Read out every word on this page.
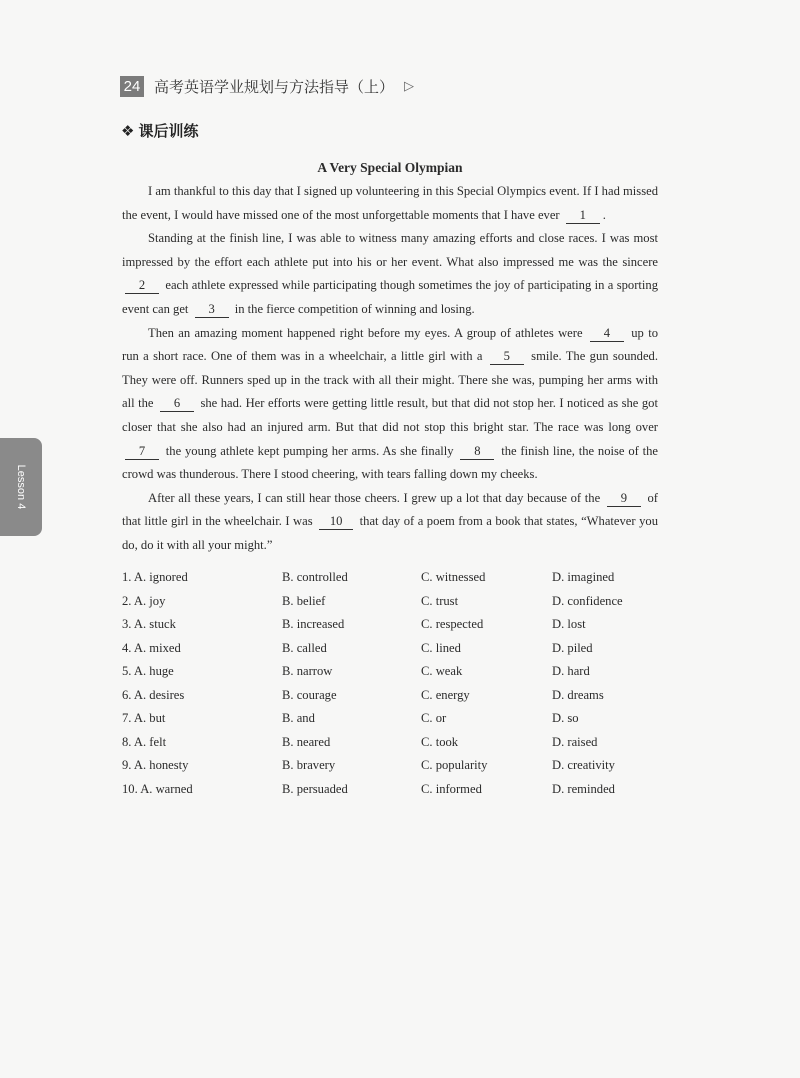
24 高考英语学业规划与方法指导（上） ▷
❖ 课后训练
Lesson 4
A Very Special Olympian

I am thankful to this day that I signed up volunteering in this Special Olympics event. If I had missed the event, I would have missed one of the most unforgettable moments that I have ever 1 .

Standing at the finish line, I was able to witness many amazing efforts and close races. I was most impressed by the effort each athlete put into his or her event. What also impressed me was the sincere 2 each athlete expressed while participating though sometimes the joy of participating in a sporting event can get 3 in the fierce competition of winning and losing.

Then an amazing moment happened right before my eyes. A group of athletes were 4 up to run a short race. One of them was in a wheelchair, a little girl with a 5 smile. The gun sounded. They were off. Runners sped up in the track with all their might. There she was, pumping her arms with all the 6 she had. Her efforts were getting little result, but that did not stop her. I noticed as she got closer that she also had an injured arm. But that did not stop this bright star. The race was long over 7 the young athlete kept pumping her arms. As she finally 8 the finish line, the noise of the crowd was thunderous. There I stood cheering, with tears falling down my cheeks.

After all these years, I can still hear those cheers. I grew up a lot that day because of the 9 of that little girl in the wheelchair. I was 10 that day of a poem from a book that states, “Whatever you do, do it with all your might.”

1. A. ignored	B. controlled	C. witnessed	D. imagined
2. A. joy	B. belief	C. trust	D. confidence
3. A. stuck	B. increased	C. respected	D. lost
4. A. mixed	B. called	C. lined	D. piled
5. A. huge	B. narrow	C. weak	D. hard
6. A. desires	B. courage	C. energy	D. dreams
7. A. but	B. and	C. or	D. so
8. A. felt	B. neared	C. took	D. raised
9. A. honesty	B. bravery	C. popularity	D. creativity
10. A. warned	B. persuaded	C. informed	D. reminded
